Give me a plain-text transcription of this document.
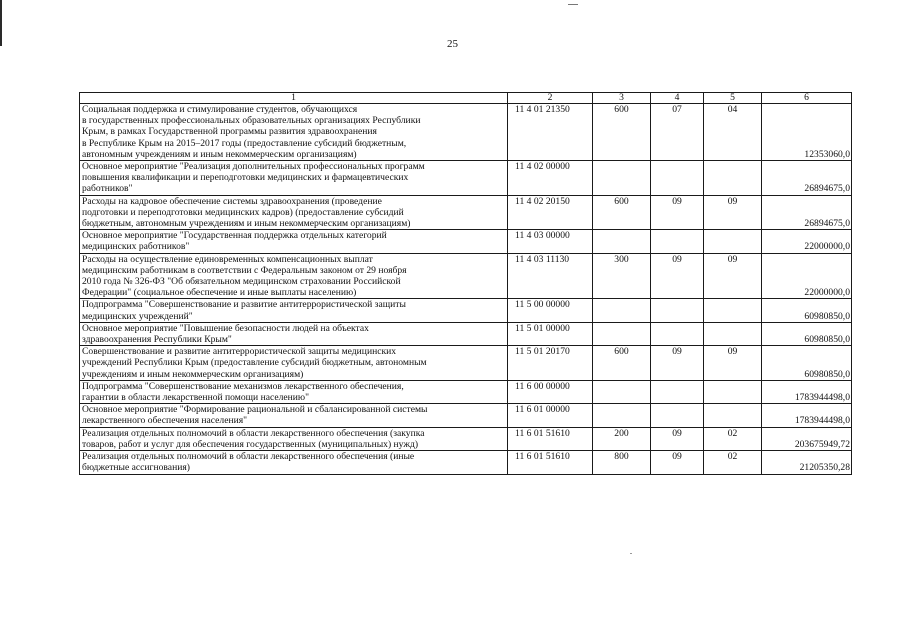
25
1	2	3	4	5	6
Социальная поддержка и стимулирование студентов, обучающихся
в государственных профессиональных образовательных организациях Республики
Крым, в рамках Государственной программы развития здравоохранения
в Республике Крым на 2015–2017 годы (предоставление субсидий бюджетным,
автономным учреждениям и иным некоммерческим организациям)	11 4 01 21350	600	07	04	12353060,0
Основное мероприятие "Реализация дополнительных профессиональных программ
повышения квалификации и переподготовки медицинских и фармацевтических
работников"	11 4 02 00000				26894675,0
Расходы на кадровое обеспечение системы здравоохранения (проведение
подготовки и переподготовки медицинских кадров) (предоставление субсидий
бюджетным, автономным учреждениям и иным некоммерческим организациям)	11 4 02 20150	600	09	09	26894675,0
Основное мероприятие "Государственная поддержка отдельных категорий
медицинских работников"	11 4 03 00000				22000000,0
Расходы на осуществление единовременных компенсационных выплат
медицинским работникам в соответствии с Федеральным законом от 29 ноября
2010 года № 326-ФЗ "Об обязательном медицинском страховании Российской
Федерации" (социальное обеспечение и иные выплаты населению)	11 4 03 11130	300	09	09	22000000,0
Подпрограмма "Совершенствование и развитие антитеррористической защиты
медицинских учреждений"	11 5 00 00000				60980850,0
Основное мероприятие "Повышение безопасности людей на объектах
здравоохранения Республики Крым"	11 5 01 00000				60980850,0
Совершенствование и развитие антитеррористической защиты медицинских
учреждений Республики Крым (предоставление субсидий бюджетным, автономным
учреждениям и иным некоммерческим организациям)	11 5 01 20170	600	09	09	60980850,0
Подпрограмма "Совершенствование механизмов лекарственного обеспечения,
гарантии в области лекарственной помощи населению"	11 6 00 00000				1783944498,0
Основное мероприятие "Формирование рациональной и сбалансированной системы
лекарственного обеспечения населения"	11 6 01 00000				1783944498,0
Реализация отдельных полномочий в области лекарственного обеспечения (закупка
товаров, работ и услуг для обеспечения государственных (муниципальных) нужд)	11 6 01 51610	200	09	02	203675949,72
Реализация отдельных полномочий в области лекарственного обеспечения (иные
бюджетные ассигнования)	11 6 01 51610	800	09	02	21205350,28
